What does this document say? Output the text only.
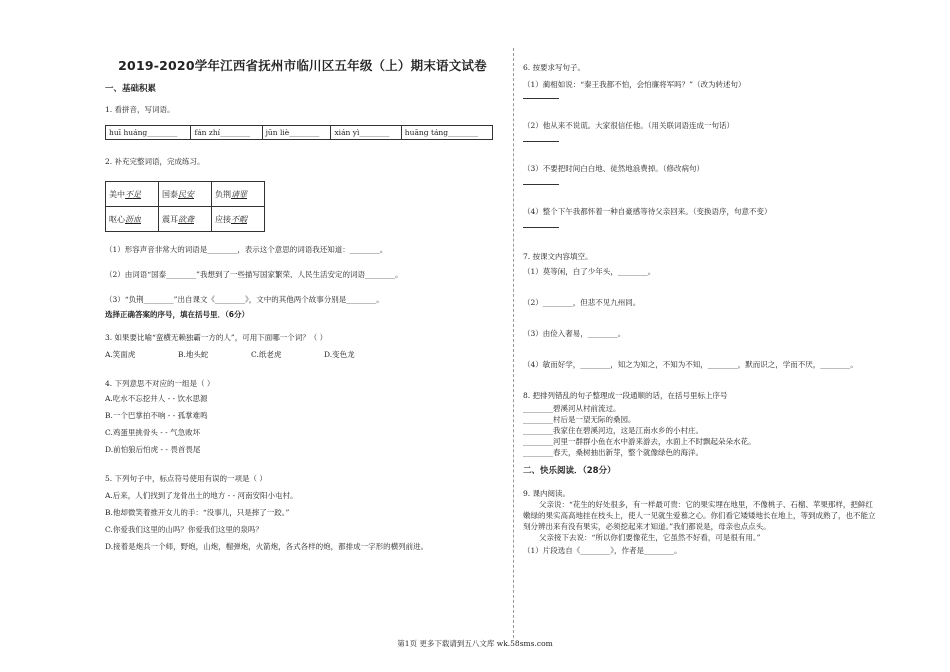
2019-2020学年江西省抚州市临川区五年级（上）期末语文试卷

一、基础积累

1. 看拼音，写词语。

huī huáng________	fán zhí________	jūn liè________	xián yì________	huāng táng________

2. 补充完整词语，完成练习。

美中不足	国泰民安	负荆请罪
呕心沥血	震耳欲聋	应接不暇

（1）形容声音非常大的词语是________，表示这个意思的词语我还知道：________。

（2）由词语“国泰________”我想到了一些描写国家繁荣、人民生活安定的词语________。

（3）“负荆________”出自课文《________》，文中的其他两个故事分别是________。

选择正确答案的序号，填在括号里．（6分）

3. 如果要比喻“蛮横无赖独霸一方的人”，可用下面哪一个词？（ ）

A.笑面虎	B.地头蛇	C.纸老虎	D.变色龙

4. 下列意思不对应的一组是（ ）

A.吃水不忘挖井人 - - 饮水思源

B.一个巴掌拍不响 - - 孤掌难鸣

C.鸡蛋里挑骨头 - - 气急败坏

D.前怕狼后怕虎 - - 畏首畏尾

5. 下列句子中，标点符号使用有误的一项是（ ）

A.后来，人们找到了龙骨出土的地方 - - 河南安阳小屯村。

B.他却微笑着推开女儿的手：“没事儿，只是摔了一跤。”

C.你爱我们这里的山吗？你爱我们这里的泉吗？

D.接着是炮兵一个师，野炮，山炮，榴弹炮，火箭炮，各式各样的炮，都排成一字形的横列前进。

6. 按要求写句子。

（1）蔺相如说：“秦王我都不怕，会怕廉将军吗？”（改为转述句）

（2）他从来不说谎。大家很信任他。（用关联词语连成一句话）

（3）不要把时间白白地、徒然地浪费掉。（修改病句）

（4）整个下午我都怀着一种自豪感等待父亲回来。（变换语序，句意不变）

7. 按课文内容填空。

（1）莫等闲，白了少年头，________。

（2）________，但悲不见九州同。

（3）由俭入奢易，________。

（4）敏而好学，________，知之为知之，不知为不知，________，默而识之，学而不厌，________。

8. 把排列错乱的句子整理成一段通顺的话，在括号里标上序号

________碧溪河从村前流过。

________村后是一望无际的桑园。

________我家住在碧溪河边，这是江南水乡的小村庄。

________河里一群群小鱼在水中游来游去，水面上不时飘起朵朵水花。

________春天，桑树抽出新芽，整个就像绿色的海洋。

二、快乐阅读．（28分）

9. 课内阅读。

父亲说：“花生的好处很多，有一样最可贵：它的果实埋在地里，不像桃子、石榴、苹果那样，把鲜红

嫩绿的果实高高地挂在枝头上，使人一见就生爱慕之心。你们看它矮矮地长在地上，等到成熟了，也不能立

刻分辨出来有没有果实，必须挖起来才知道。”我们都说是，母亲也点点头。

父亲接下去说：“所以你们要像花生，它虽然不好看，可是很有用。”

（1）片段选自《________》，作者是________。

第1页 更多下载请到五八文库 wk.58sms.com
